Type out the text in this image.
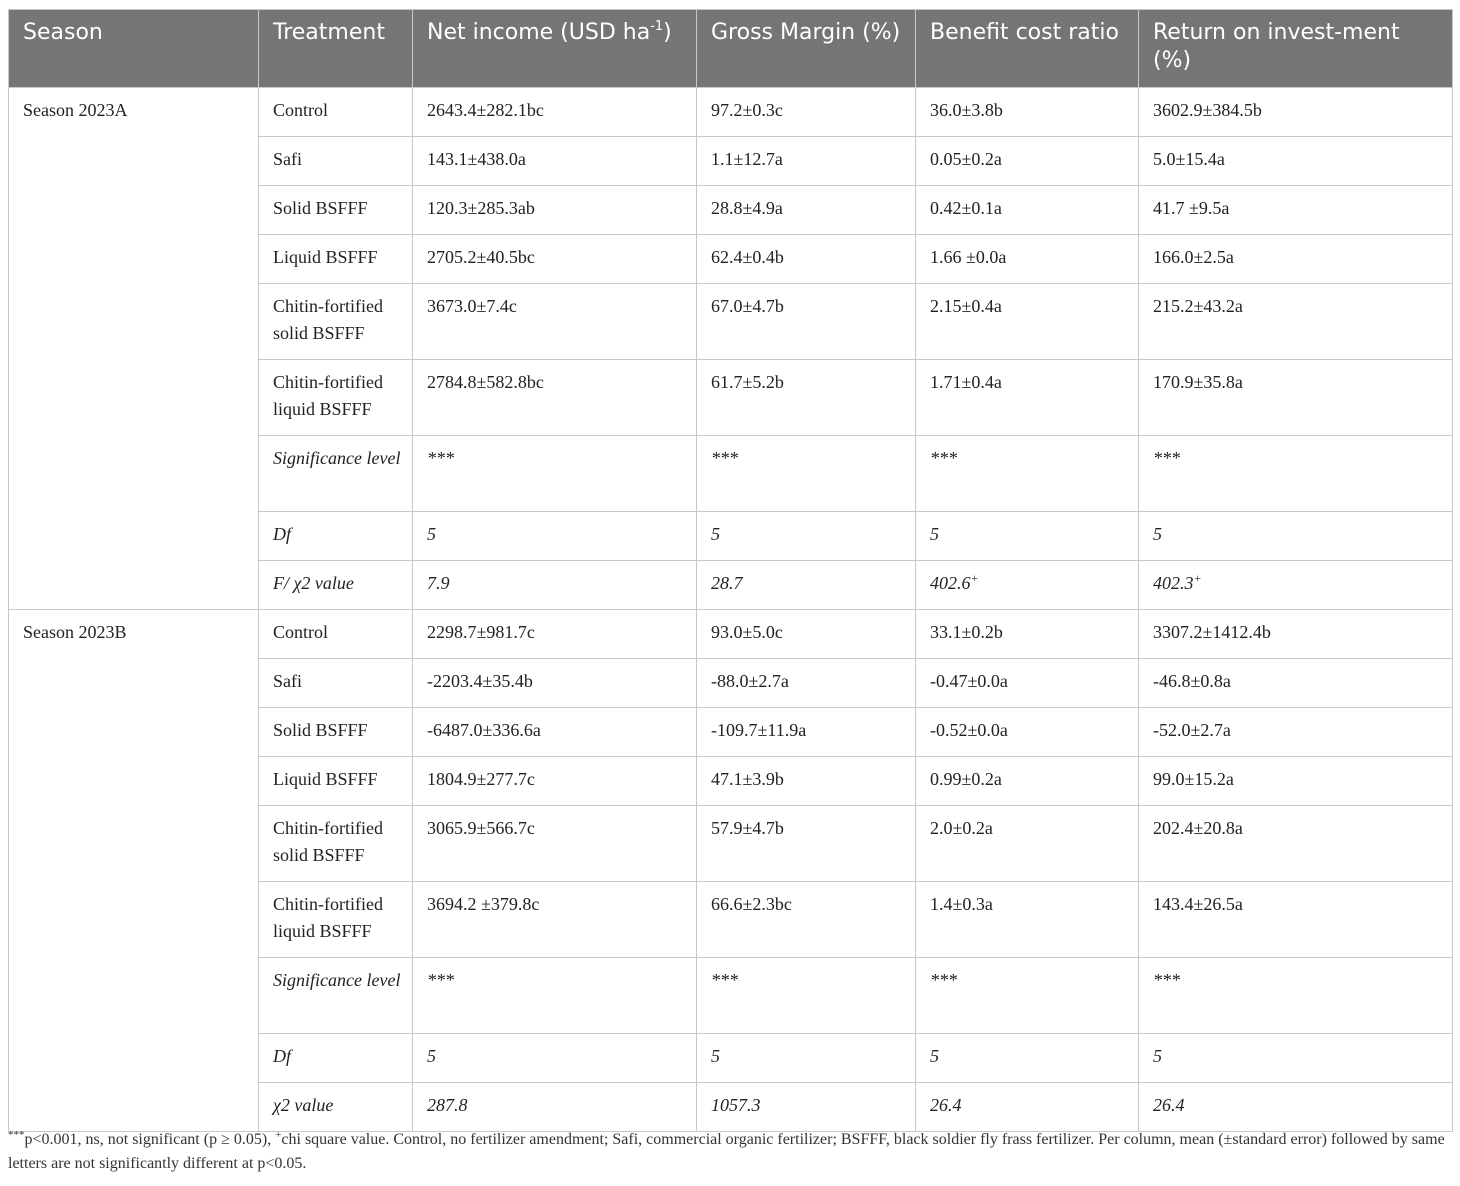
Season	Treatment	Net income (USD $ha^{-1}$)	Gross Margin (%)	Benefit cost ratio	Return on invest-ment (%)
Season 2023A	Control	2643.4±282.1bc	97.2±0.3c	36.0±3.8b	3602.9±384.5b
	Safi	143.1±438.0a	1.1±12.7a	0.05±0.2a	5.0±15.4a
	Solid BSFFF	120.3±285.3ab	28.8±4.9a	0.42±0.1a	41.7 ±9.5a
	Liquid BSFFF	2705.2±40.5bc	62.4±0.4b	1.66 ±0.0a	166.0±2.5a
	Chitin-fortified solid BSFFF	3673.0±7.4c	67.0±4.7b	2.15±0.4a	215.2±43.2a
	Chitin-fortified liquid BSFFF	2784.8±582.8bc	61.7±5.2b	1.71±0.4a	170.9±35.8a
	Significance level	***	***	***	***
	Df	5	5	5	5
	F/ χ2 value	7.9	28.7	402.6+	402.3+
Season 2023B	Control	2298.7±981.7c	93.0±5.0c	33.1±0.2b	3307.2±1412.4b
	Safi	-2203.4±35.4b	-88.0±2.7a	-0.47±0.0a	-46.8±0.8a
	Solid BSFFF	-6487.0±336.6a	-109.7±11.9a	-0.52±0.0a	-52.0±2.7a
	Liquid BSFFF	1804.9±277.7c	47.1±3.9b	0.99±0.2a	99.0±15.2a
	Chitin-fortified solid BSFFF	3065.9±566.7c	57.9±4.7b	2.0±0.2a	202.4±20.8a
	Chitin-fortified liquid BSFFF	3694.2 ±379.8c	66.6±2.3bc	1.4±0.3a	143.4±26.5a
	Significance level	***	***	***	***
	Df	5	5	5	5
	χ2 value	287.8	1057.3	26.4	26.4
***p<0.001, ns, not significant (p ≥ 0.05), +chi square value. Control, no fertilizer amendment; Safi, commercial organic fertilizer; BSFFF, black soldier fly frass fertilizer. Per column, mean (±standard error) followed by same letters are not significantly different at p<0.05.
